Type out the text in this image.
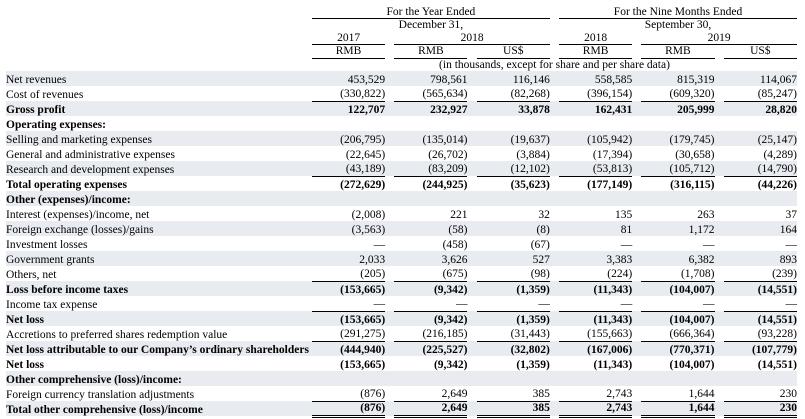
		For the Year Ended						For the Nine Months Ended				
		December 31,						September 30,				
		2017		2018				2018		2019		
		RMB		RMB		US$		RMB		RMB		US$
		(in thousands, except for share and per share data)										
Net revenues		453,529		798,561		116,146		558,585		815,319		114,067
Cost of revenues		(330,822)		(565,634)		(82,268)		(396,154)		(609,320)		(85,247)
Gross profit		122,707		232,927		33,878		162,431		205,999		28,820
Operating expenses:												
Selling and marketing expenses		(206,795)		(135,014)		(19,637)		(105,942)		(179,745)		(25,147)
General and administrative expenses		(22,645)		(26,702)		(3,884)		(17,394)		(30,658)		(4,289)
Research and development expenses		(43,189)		(83,209)		(12,102)		(53,813)		(105,712)		(14,790)
Total operating expenses		(272,629)		(244,925)		(35,623)		(177,149)		(316,115)		(44,226)
Other (expenses)/income:												
Interest (expenses)/income, net		(2,008)		221		32		135		263		37
Foreign exchange (losses)/gains		(3,563)		(58)		(8)		81		1,172		164
Investment losses		—		(458)		(67)		—		—		—
Government grants		2,033		3,626		527		3,383		6,382		893
Others, net		(205)		(675)		(98)		(224)		(1,708)		(239)
Loss before income taxes		(153,665)		(9,342)		(1,359)		(11,343)		(104,007)		(14,551)
Income tax expense		—		—		—		—		—		—
Net loss		(153,665)		(9,342)		(1,359)		(11,343)		(104,007)		(14,551)
Accretions to preferred shares redemption value		(291,275)		(216,185)		(31,443)		(155,663)		(666,364)		(93,228)
Net loss attributable to our Company’s ordinary shareholders		(444,940)		(225,527)		(32,802)		(167,006)		(770,371)		(107,779)
Net loss		(153,665)		(9,342)		(1,359)		(11,343)		(104,007)		(14,551)
Other comprehensive (loss)/income:												
Foreign currency translation adjustments		(876)		2,649		385		2,743		1,644		230
Total other comprehensive (loss)/income		(876)		2,649		385		2,743		1,644		230
